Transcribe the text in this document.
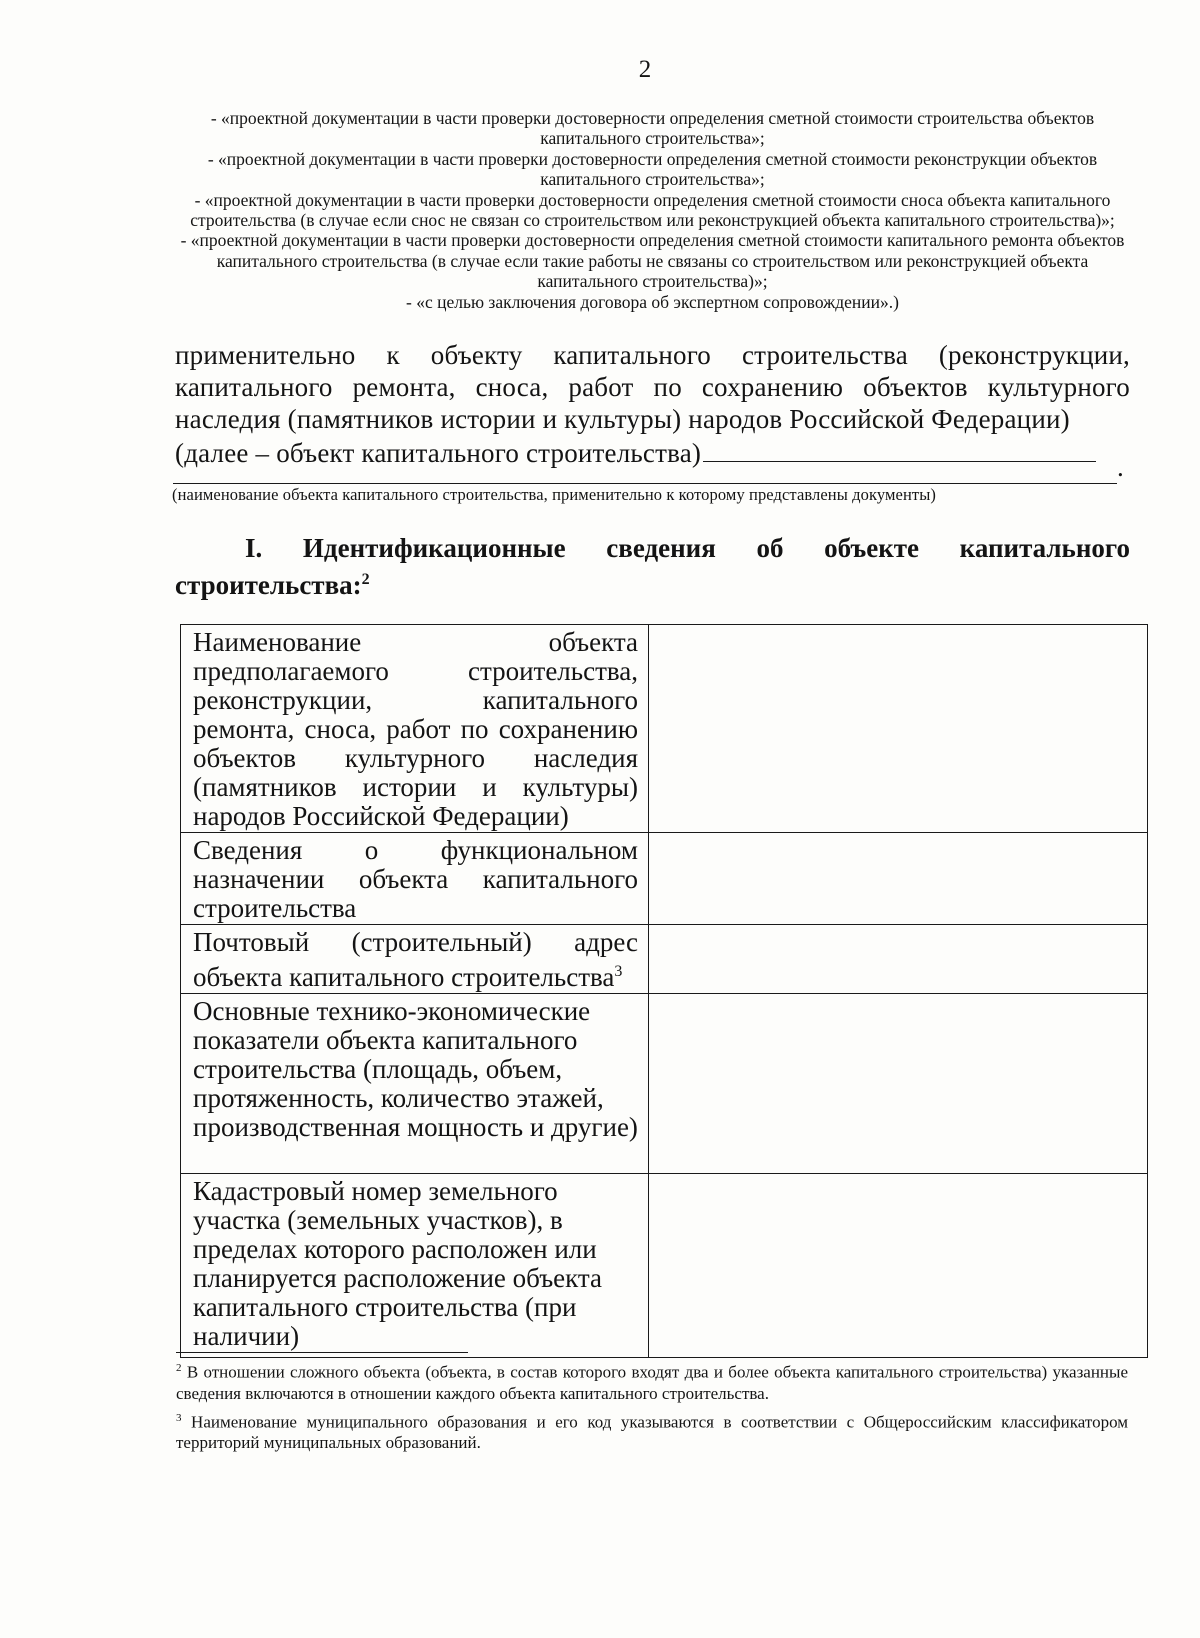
2

- «проектной документации в части проверки достоверности определения сметной стоимости строительства объектов капитального строительства»;

- «проектной документации в части проверки достоверности определения сметной стоимости реконструкции объектов капитального строительства»;

- «проектной документации в части проверки достоверности определения сметной стоимости сноса объекта капитального строительства (в случае если снос не связан со строительством или реконструкцией объекта капитального строительства)»;

- «проектной документации в части проверки достоверности определения сметной стоимости капитального ремонта объектов капитального строительства (в случае если такие работы не связаны со строительством или реконструкцией объекта капитального строительства)»;

- «с целью заключения договора об экспертном сопровождении».)

применительно к объекту капитального строительства (реконструкции, капитального ремонта, сноса, работ по сохранению объектов культурного наследия (памятников истории и культуры) народов Российской Федерации)
(далее – объект капитального строительства)	.
(наименование объекта капитального строительства, применительно к которому представлены документы)
I. Идентификационные сведения об объекте капитального
строительства:$^2$
Наименование объекта предполагаемого строительства, реконструкции, капитального ремонта, сноса, работ по сохранению объектов культурного наследия (памятников истории и культуры) народов Российской Федерации)	
Сведения о функциональном назначении объекта капитального строительства	
Почтовый (строительный) адрес объекта капитального строительства$^3$	
Основные технико-экономические показатели объекта капитального строительства (площадь, объем, протяженность, количество этажей, производственная мощность и другие)	
Кадастровый номер земельного участка (земельных участков), в пределах которого расположен или планируется расположение объекта капитального строительства (при наличии)	

$^2$ В отношении сложного объекта (объекта, в состав которого входят два и более объекта капитального строительства) указанные сведения включаются в отношении каждого объекта капитального строительства.

$^3$ Наименование муниципального образования и его код указываются в соответствии с Общероссийским классификатором территорий муниципальных образований.
